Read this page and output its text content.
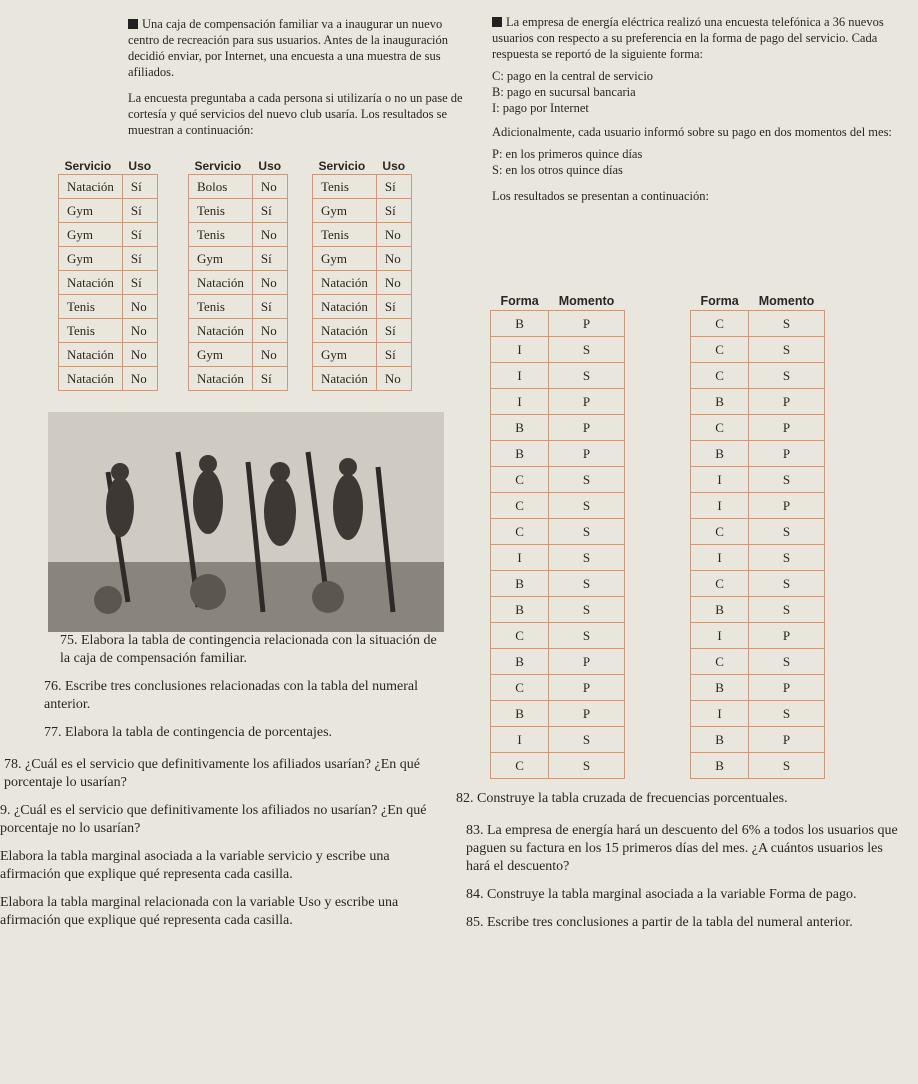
Una caja de compensación familiar va a inaugurar un nuevo centro de recreación para sus usuarios. Antes de la inauguración decidió enviar, por Internet, una encuesta a una muestra de sus afiliados.

La encuesta preguntaba a cada persona si utilizaría o no un pase de cortesía y qué servicios del nuevo club usaría. Los resultados se muestran a continuación:

La empresa de energía eléctrica realizó una encuesta telefónica a 36 nuevos usuarios con respecto a su preferencia en la forma de pago del servicio. Cada respuesta se reportó de la siguiente forma:

C: pago en la central de servicio

B: pago en sucursal bancaria

I: pago por Internet

Adicionalmente, cada usuario informó sobre su pago en dos momentos del mes:

P: en los primeros quince días

S: en los otros quince días

Los resultados se presentan a continuación:

Servicio	Uso
Natación	Sí
Gym	Sí
Gym	Sí
Gym	Sí
Natación	Sí
Tenis	No
Tenis	No
Natación	No
Natación	No
Servicio	Uso
Bolos	No
Tenis	Sí
Tenis	No
Gym	Sí
Natación	No
Tenis	Sí
Natación	No
Gym	No
Natación	Sí
Servicio	Uso
Tenis	Sí
Gym	Sí
Tenis	No
Gym	No
Natación	No
Natación	Sí
Natación	Sí
Gym	Sí
Natación	No

75. Elabora la tabla de contingencia relacionada con la situación de la caja de compensación familiar.

76. Escribe tres conclusiones relacionadas con la tabla del numeral anterior.

77. Elabora la tabla de contingencia de porcentajes.

78. ¿Cuál es el servicio que definitivamente los afiliados usarían? ¿En qué porcentaje lo usarían?

9. ¿Cuál es el servicio que definitivamente los afiliados no usarían? ¿En qué porcentaje no lo usarían?

Elabora la tabla marginal asociada a la variable servicio y escribe una afirmación que explique qué representa cada casilla.

Elabora la tabla marginal relacionada con la variable Uso y escribe una afirmación que explique qué representa cada casilla.

Forma	Momento
B	P
I	S
I	S
I	P
B	P
B	P
C	S
C	S
C	S
I	S
B	S
B	S
C	S
B	P
C	P
B	P
I	S
C	S
Forma	Momento
C	S
C	S
C	S
B	P
C	P
B	P
I	S
I	P
C	S
I	S
C	S
B	S
I	P
C	S
B	P
I	S
B	P
B	S

82. Construye la tabla cruzada de frecuencias porcentuales.

83. La empresa de energía hará un descuento del 6% a todos los usuarios que paguen su factura en los 15 primeros días del mes. ¿A cuántos usuarios les hará el descuento?

84. Construye la tabla marginal asociada a la variable Forma de pago.

85. Escribe tres conclusiones a partir de la tabla del numeral anterior.
